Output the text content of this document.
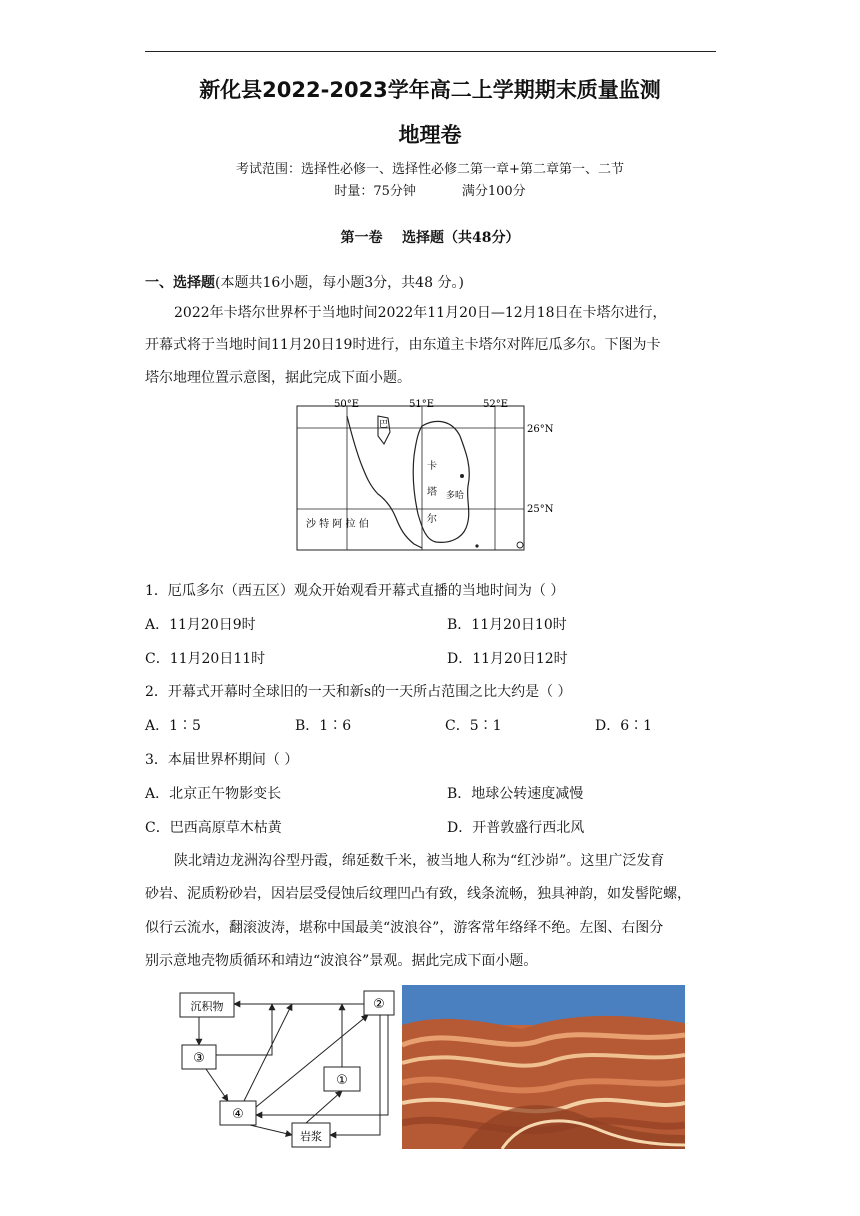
新化县2022-2023学年高二上学期期末质量监测
地理卷
考试范围：选择性必修一、选择性必修二第一章+第二章第一、二节
时量：75分钟	满分100分
第一卷    选择题（共48分）
一、选择题(本题共16小题，每小题3分，共48 分。)
2022年卡塔尔世界杯于当地时间2022年11月20日—12月18日在卡塔尔进行，
开幕式将于当地时间11月20日19时进行，由东道主卡塔尔对阵厄瓜多尔。下图为卡
塔尔地理位置示意图，据此完成下面小题。
50°E	51°E	52°E
26°N
25°N
巴
卡
塔
尔
多哈
沙 特 阿 拉 伯
1．厄瓜多尔（西五区）观众开始观看开幕式直播的当地时间为（ ）
A．11月20日9时	B．11月20日10时
C．11月20日11时	D．11月20日12时
2．开幕式开幕时全球旧的一天和新s的一天所占范围之比大约是（ ）
A．1∶5	B．1∶6	C．5∶1	D．6∶1
3．本届世界杯期间（ ）
A．北京正午物影变长	B．地球公转速度减慢
C．巴西高原草木枯黄	D．开普敦盛行西北风
陕北靖边龙洲沟谷型丹霞，绵延数千米，被当地人称为“红沙峁”。这里广泛发育
砂岩、泥质粉砂岩，因岩层受侵蚀后纹理凹凸有致，线条流畅，独具神韵，如发髻陀螺，
似行云流水，翻滚波涛，堪称中国最美“波浪谷”，游客常年络绎不绝。左图、右图分
别示意地壳物质循环和靖边“波浪谷”景观。据此完成下面小题。
沉积物	②
③
①
④
岩浆
